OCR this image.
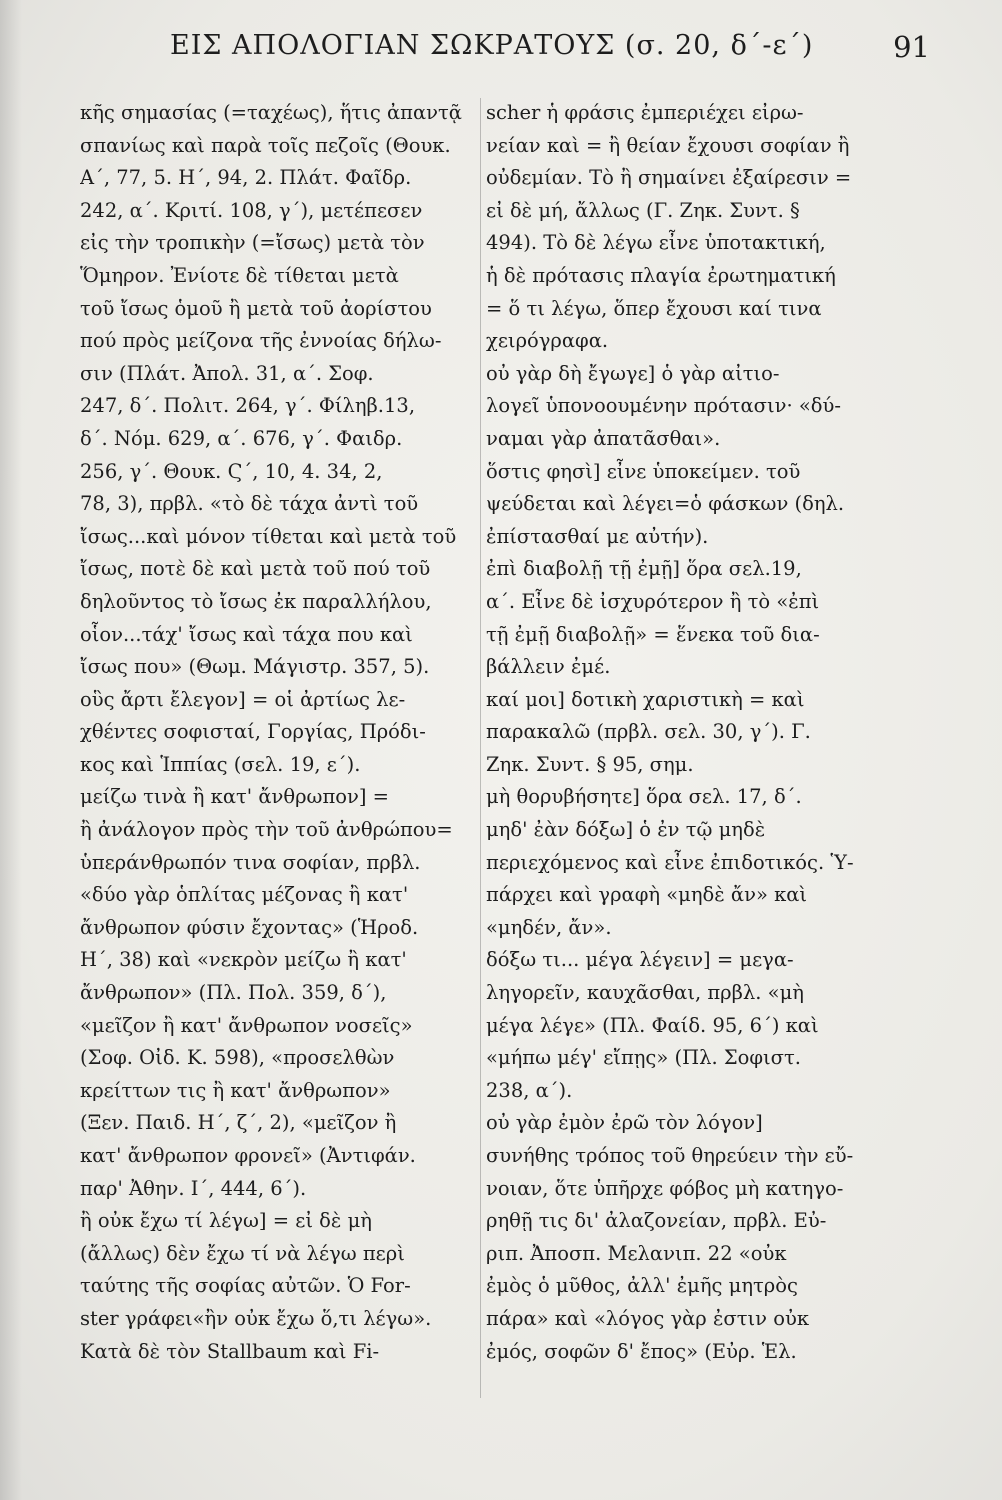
ΕΙΣ ΑΠΟΛΟΓΙΑΝ ΣΩΚΡΑΤΟΥΣ (σ. 20, δ΄-ε΄)	91
κῆς σημασίας (=ταχέως), ἥτις ἀπαντᾷ
σπανίως καὶ παρὰ τοῖς πεζοῖς (Θουκ.
Α΄, 77, 5. Η΄, 94, 2. Πλάτ. Φαῖδρ.
242, α΄. Κριτί. 108, γ΄), μετέπεσεν
εἰς τὴν τροπικὴν (=ἴσως) μετὰ τὸν
Ὅμηρον. Ἐνίοτε δὲ τίθεται μετὰ
τοῦ ἴσως ὁμοῦ ἢ μετὰ τοῦ ἀορίστου
πού πρὸς μείζονα τῆς ἐννοίας δήλω-
σιν (Πλάτ. Ἀπολ. 31, α΄. Σοφ.
247, δ΄. Πολιτ. 264, γ΄. Φίληβ.13,
δ΄. Νόμ. 629, α΄. 676, γ΄. Φαιδρ.
256, γ΄. Θουκ. Ϛ΄, 10, 4. 34, 2,
78, 3), πρβλ. «τὸ δὲ τάχα ἀντὶ τοῦ
ἴσως...καὶ μόνον τίθεται καὶ μετὰ τοῦ
ἴσως, ποτὲ δὲ καὶ μετὰ τοῦ πού τοῦ
δηλοῦντος τὸ ἴσως ἐκ παραλλήλου,
οἷον...τάχ' ἴσως καὶ τάχα που καὶ
ἴσως που» (Θωμ. Μάγιστρ. 357, 5).
οὓς ἄρτι ἔλεγον] = οἱ ἀρτίως λε-
χθέντες σοφισταί, Γοργίας, Πρόδι-
κος καὶ Ἱππίας (σελ. 19, ε΄).
μείζω τινὰ ἢ κατ' ἄνθρωπον] =
ἢ ἀνάλογον πρὸς τὴν τοῦ ἀνθρώπου=
ὑπεράνθρωπόν τινα σοφίαν, πρβλ.
«δύο γὰρ ὁπλίτας μέζονας ἢ κατ'
ἄνθρωπον φύσιν ἔχοντας» (Ἡροδ.
Η΄, 38) καὶ «νεκρὸν μείζω ἢ κατ'
ἄνθρωπον» (Πλ. Πολ. 359, δ΄),
«μεῖζον ἢ κατ' ἄνθρωπον νοσεῖς»
(Σοφ. Οἰδ. Κ. 598), «προσελθὼν
κρείττων τις ἢ κατ' ἄνθρωπον»
(Ξεν. Παιδ. Η΄, ζ΄, 2), «μεῖζον ἢ
κατ' ἄνθρωπον φρονεῖ» (Ἀντιφάν.
παρ' Ἀθην. Ι΄, 444, 6΄).
ἢ οὐκ ἔχω τί λέγω] = εἰ δὲ μὴ
(ἄλλως) δὲν ἔχω τί νὰ λέγω περὶ
ταύτης τῆς σοφίας αὐτῶν. Ὁ For-
ster γράφει«ἢν οὐκ ἔχω ὅ,τι λέγω».
Κατὰ δὲ τὸν Stallbaum καὶ Fi-
scher ἡ φράσις ἐμπεριέχει εἰρω-
νείαν καὶ = ἢ θείαν ἔχουσι σοφίαν ἢ
οὐδεμίαν. Τὸ ἢ σημαίνει ἐξαίρεσιν =
εἰ δὲ μή, ἄλλως (Γ. Ζηκ. Συντ. §
494). Τὸ δὲ λέγω εἶνε ὑποτακτική,
ἡ δὲ πρότασις πλαγία ἐρωτηματική
= ὅ τι λέγω, ὅπερ ἔχουσι καί τινα
χειρόγραφα.
οὐ γὰρ δὴ ἔγωγε] ὁ γὰρ αἰτιο-
λογεῖ ὑπονοουμένην πρότασιν· «δύ-
ναμαι γὰρ ἀπατᾶσθαι».
ὅστις φησὶ] εἶνε ὑποκείμεν. τοῦ
ψεύδεται καὶ λέγει=ὁ φάσκων (δηλ.
ἐπίστασθαί με αὐτήν).
ἐπὶ διαβολῇ τῇ ἐμῇ] ὅρα σελ.19,
α΄. Εἶνε δὲ ἰσχυρότερον ἢ τὸ «ἐπὶ
τῇ ἐμῇ διαβολῇ» = ἕνεκα τοῦ δια-
βάλλειν ἐμέ.
καί μοι] δοτικὴ χαριστικὴ = καὶ
παρακαλῶ (πρβλ. σελ. 30, γ΄). Γ.
Ζηκ. Συντ. § 95, σημ.
μὴ θορυβήσητε] ὅρα σελ. 17, δ΄.
μηδ' ἐὰν δόξω] ὁ ἐν τῷ μηδὲ
περιεχόμενος καὶ εἶνε ἐπιδοτικός. Ὑ-
πάρχει καὶ γραφὴ «μηδὲ ἄν» καὶ
«μηδέν, ἄν».
δόξω τι... μέγα λέγειν] = μεγα-
ληγορεῖν, καυχᾶσθαι, πρβλ. «μὴ
μέγα λέγε» (Πλ. Φαίδ. 95, 6΄) καὶ
«μήπω μέγ' εἴπῃς» (Πλ. Σοφιστ.
238, α΄).
οὐ γὰρ ἐμὸν ἐρῶ τὸν λόγον]
συνήθης τρόπος τοῦ θηρεύειν τὴν εὔ-
νοιαν, ὅτε ὑπῆρχε φόβος μὴ κατηγο-
ρηθῇ τις δι' ἀλαζονείαν, πρβλ. Εὐ-
ριπ. Ἀποσπ. Μελανιπ. 22 «οὐκ
ἐμὸς ὁ μῦθος, ἀλλ' ἐμῆς μητρὸς
πάρα» καὶ «λόγος γὰρ ἐστιν οὐκ
ἐμός, σοφῶν δ' ἔπος» (Εὐρ. Ἑλ.
